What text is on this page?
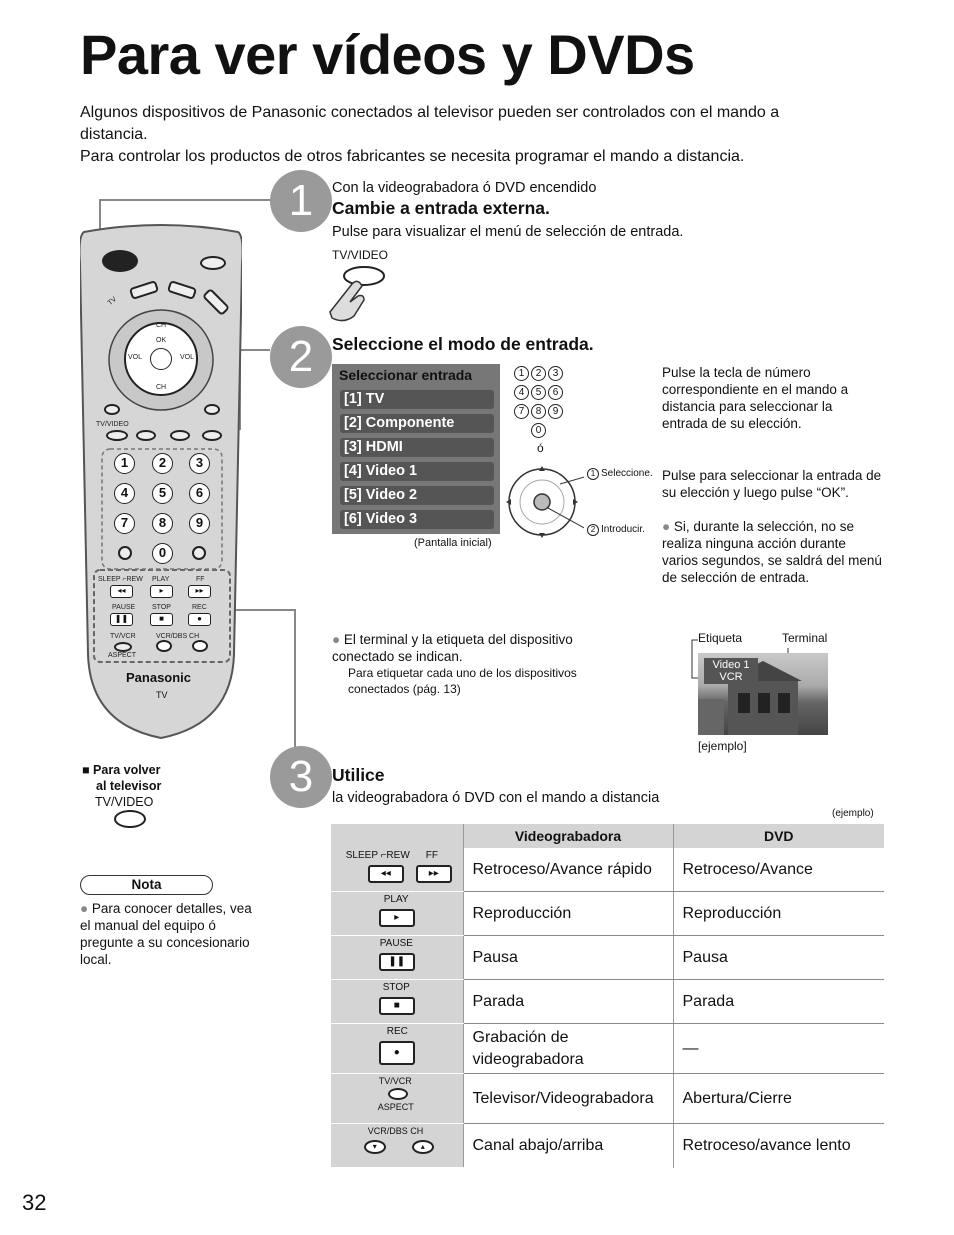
Para ver vídeos y DVDs
Algunos dispositivos de Panasonic conectados al televisor pueden ser controlados con el mando a
distancia.
Para controlar los productos de otros fabricantes se necesita programar el mando a distancia.
TV
CH
OK
VOL	VOL
CH
TV/VIDEO
1	2	3
4	5	6
7	8	9
0
SLEEP ⌐REW PLAY	FF
◂◂	▸	▸▸
PAUSE STOP	REC
❚❚	■	●
TV/VCR	VCR/DBS CH
ASPECT
Panasonic
TV
1	Con la videograbadora ó DVD encendido
Cambie a entrada externa.
Pulse para visualizar el menú de selección de entrada.
TV/VIDEO
2	Seleccione el modo de entrada.
Seleccionar entrada
[1] TV
[2] Componente
[3] HDMI
[4] Video 1
[5] Video 2
[6] Video 3
(Pantalla inicial)
1 2 3
4 5 6
7 8 9
0
ó
1 Seleccione.
2 Introducir.
Pulse la tecla de número correspondiente en el mando a distancia para seleccionar la entrada de su elección.
Pulse para seleccionar la entrada de su elección y luego pulse “OK”.
● Si, durante la selección, no se realiza ninguna acción durante varios segundos, se saldrá del menú de selección de entrada.
● El terminal y la etiqueta del dispositivo conectado se indican.
Para etiquetar cada uno de los dispositivos conectados (pág. 13)
Etiqueta	Terminal
Video 1
VCR
[ejemplo]
3	Utilice
la videograbadora ó DVD con el mando a distancia
(ejemplo)
	Videograbadora	DVD

SLEEP ⌐REW FF
◂◂ ▸▸	Retroceso/Avance rápido	Retroceso/Avance

PLAY
▸	Reproducción	Reproducción

PAUSE
❚❚	Pausa	Pausa

STOP
■	Parada	Parada

REC
●	Grabación de videograbadora	—

TV/VCR
ASPECT	Televisor/Videograbadora	Abertura/Cierre

VCR/DBS CH
▾ ▴	Canal abajo/arriba	Retroceso/avance lento
■ Para volver
al televisor
TV/VIDEO
Nota
● Para conocer detalles, vea el manual del equipo ó pregunte a su concesionario local.
32
